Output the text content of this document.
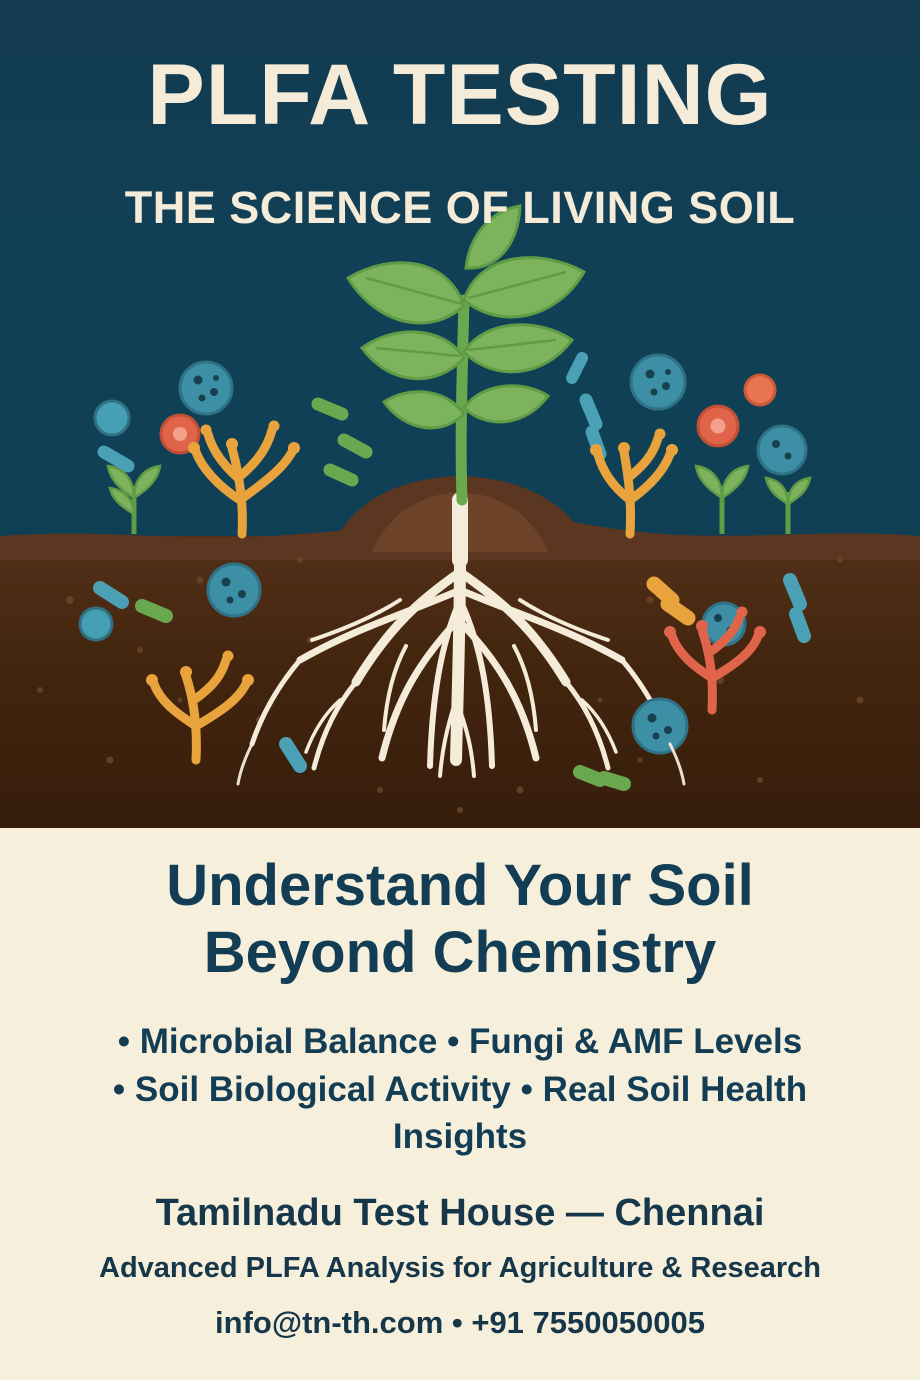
PLFA TESTING
THE SCIENCE OF LIVING SOIL
Understand Your Soil
Beyond Chemistry
• Microbial Balance • Fungi & AMF Levels
• Soil Biological Activity • Real Soil Health
Insights
Tamilnadu Test House — Chennai
Advanced PLFA Analysis for Agriculture & Research
info@tn-th.com • +91 7550050005
